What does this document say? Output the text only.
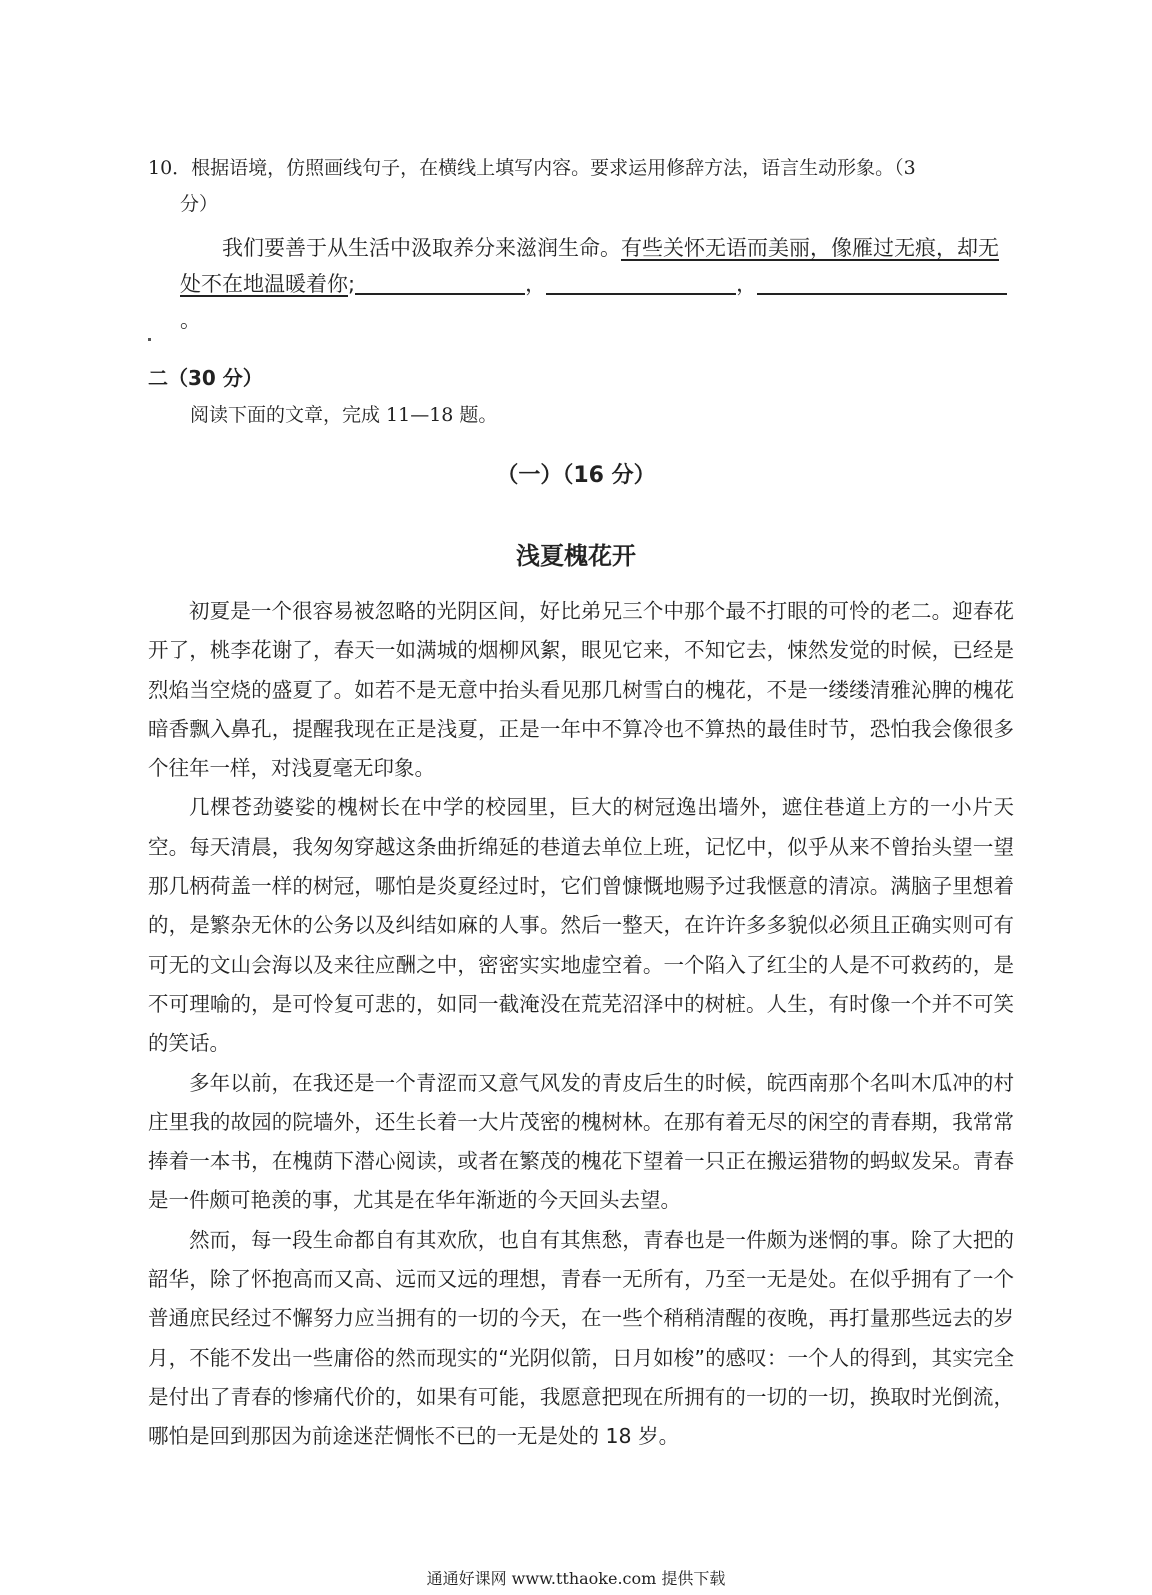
10．根据语境，仿照画线句子，在横线上填写内容。要求运用修辞方法，语言生动形象。（3
分）
我们要善于从生活中汲取养分来滋润生命。有些关怀无语而美丽，像雁过无痕，却无
处不在地温暖着你;	，	，。
二（30 分）
阅读下面的文章，完成 11—18 题。
（一）（16 分）
浅夏槐花开

初夏是一个很容易被忽略的光阴区间，好比弟兄三个中那个最不打眼的可怜的老二。迎春花开了，桃李花谢了，春天一如满城的烟柳风絮，眼见它来，不知它去，悚然发觉的时候，已经是烈焰当空烧的盛夏了。如若不是无意中抬头看见那几树雪白的槐花，不是一缕缕清雅沁脾的槐花暗香飘入鼻孔，提醒我现在正是浅夏，正是一年中不算冷也不算热的最佳时节，恐怕我会像很多个往年一样，对浅夏毫无印象。

几棵苍劲婆娑的槐树长在中学的校园里，巨大的树冠逸出墙外，遮住巷道上方的一小片天空。每天清晨，我匆匆穿越这条曲折绵延的巷道去单位上班，记忆中，似乎从来不曾抬头望一望那几柄荷盖一样的树冠，哪怕是炎夏经过时，它们曾慷慨地赐予过我惬意的清凉。满脑子里想着的，是繁杂无休的公务以及纠结如麻的人事。然后一整天，在许许多多貌似必须且正确实则可有可无的文山会海以及来往应酬之中，密密实实地虚空着。一个陷入了红尘的人是不可救药的，是不可理喻的，是可怜复可悲的，如同一截淹没在荒芜沼泽中的树桩。人生，有时像一个并不可笑的笑话。

多年以前，在我还是一个青涩而又意气风发的青皮后生的时候，皖西南那个名叫木瓜冲的村庄里我的故园的院墙外，还生长着一大片茂密的槐树林。在那有着无尽的闲空的青春期，我常常捧着一本书，在槐荫下潜心阅读，或者在繁茂的槐花下望着一只正在搬运猎物的蚂蚁发呆。青春是一件颇可艳羡的事，尤其是在华年渐逝的今天回头去望。

然而，每一段生命都自有其欢欣，也自有其焦愁，青春也是一件颇为迷惘的事。除了大把的韶华，除了怀抱高而又高、远而又远的理想，青春一无所有，乃至一无是处。在似乎拥有了一个普通庶民经过不懈努力应当拥有的一切的今天，在一些个稍稍清醒的夜晚，再打量那些远去的岁月，不能不发出一些庸俗的然而现实的“光阴似箭，日月如梭”的感叹：一个人的得到，其实完全是付出了青春的惨痛代价的，如果有可能，我愿意把现在所拥有的一切的一切，换取时光倒流，哪怕是回到那因为前途迷茫惆怅不已的一无是处的 18 岁。

通通好课网 www.tthaoke.com 提供下载
